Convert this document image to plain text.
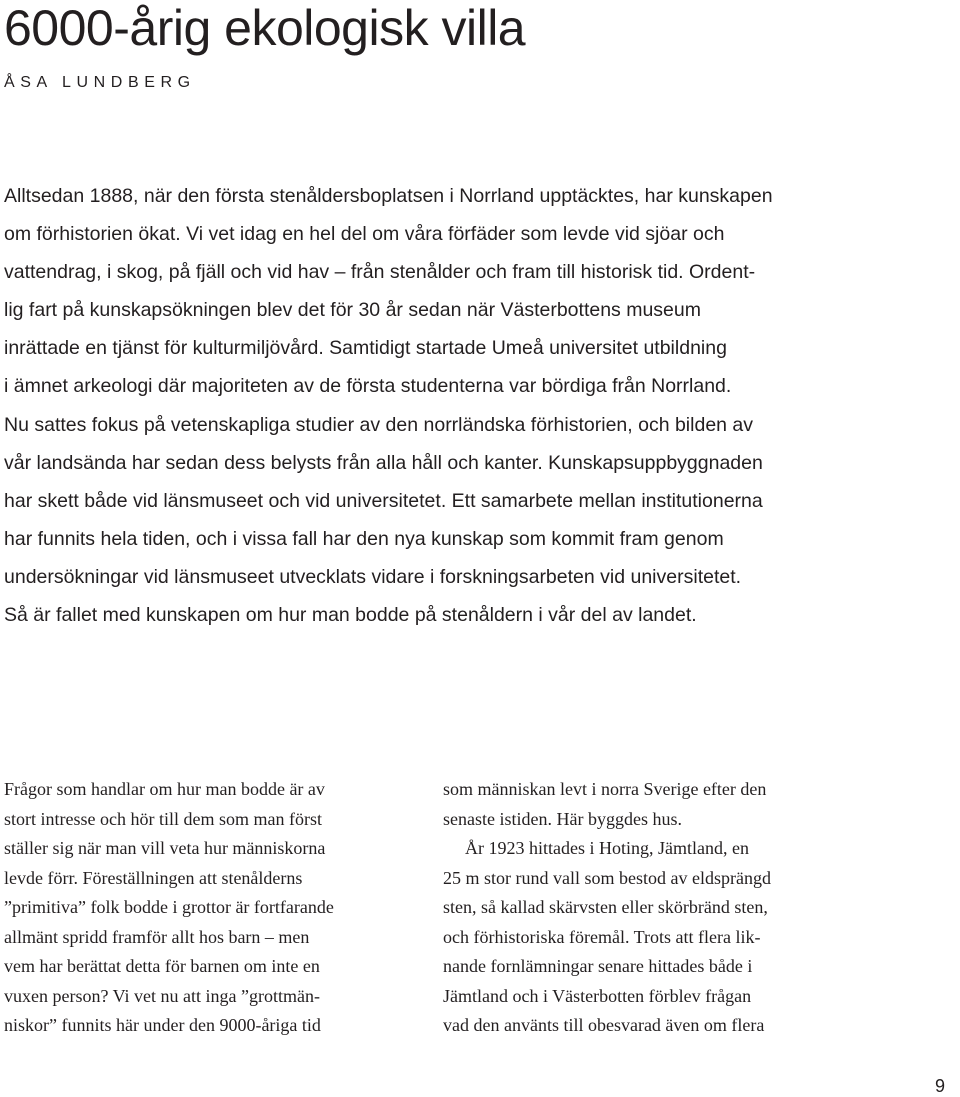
6000-årig ekologisk villa
ÅSA LUNDBERG
Alltsedan 1888, när den första stenåldersboplatsen i Norrland upptäcktes, har kunskapen
om förhistorien ökat. Vi vet idag en hel del om våra förfäder som levde vid sjöar och
vattendrag, i skog, på fjäll och vid hav – från stenålder och fram till historisk tid. Ordent-
lig fart på kunskapsökningen blev det för 30 år sedan när Västerbottens museum
inrättade en tjänst för kulturmiljövård. Samtidigt startade Umeå universitet utbildning
i ämnet arkeologi där majoriteten av de första studenterna var bördiga från Norrland.
Nu sattes fokus på vetenskapliga studier av den norrländska förhistorien, och bilden av
vår landsända har sedan dess belysts från alla håll och kanter. Kunskapsuppbyggnaden
har skett både vid länsmuseet och vid universitetet. Ett samarbete mellan institutionerna
har funnits hela tiden, och i vissa fall har den nya kunskap som kommit fram genom
undersökningar vid länsmuseet utvecklats vidare i forskningsarbeten vid universitetet.
Så är fallet med kunskapen om hur man bodde på stenåldern i vår del av landet.
Frågor som handlar om hur man bodde är av
stort intresse och hör till dem som man först
ställer sig när man vill veta hur människorna
levde förr. Föreställningen att stenålderns
”primitiva” folk bodde i grottor är fortfarande
allmänt spridd framför allt hos barn – men
vem har berättat detta för barnen om inte en
vuxen person? Vi vet nu att inga ”grottmän-
niskor” funnits här under den 9000-åriga tid
som människan levt i norra Sverige efter den
senaste istiden. Här byggdes hus.
År 1923 hittades i Hoting, Jämtland, en
25 m stor rund vall som bestod av eldsprängd
sten, så kallad skärvsten eller skörbränd sten,
och förhistoriska föremål. Trots att flera lik-
nande fornlämningar senare hittades både i
Jämtland och i Västerbotten förblev frågan
vad den använts till obesvarad även om flera
9
